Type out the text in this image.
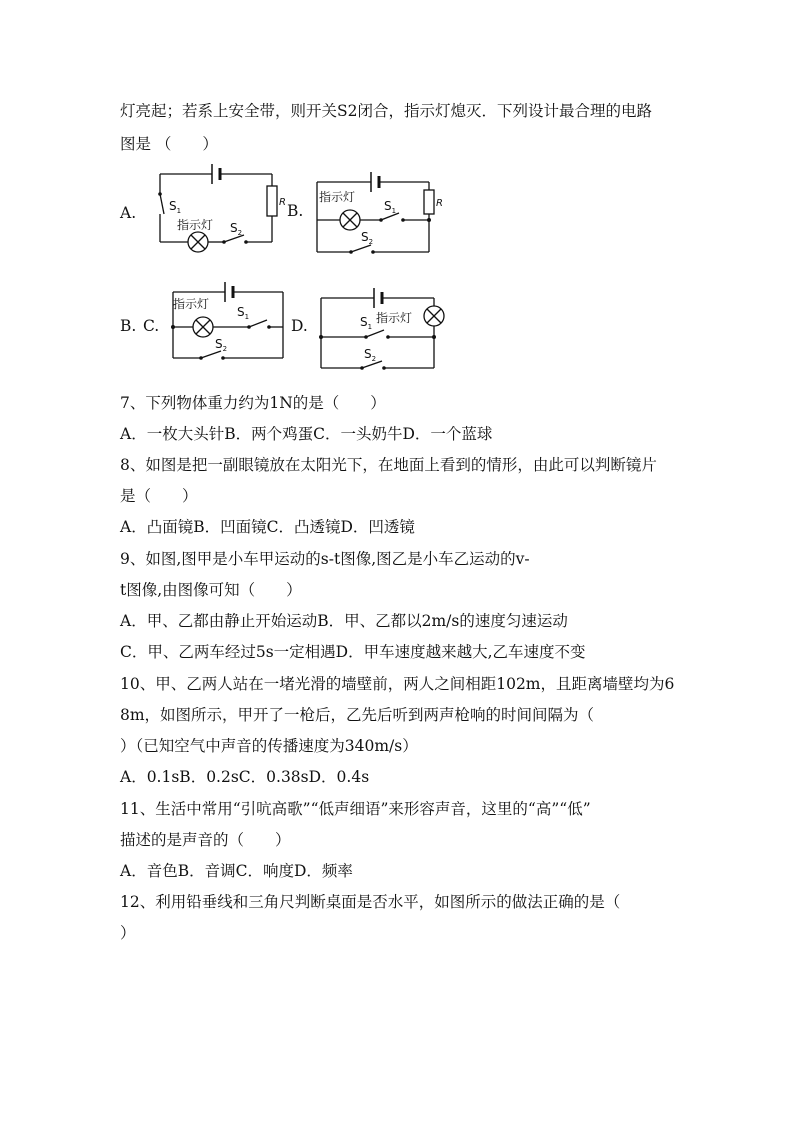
灯亮起；若系上安全带，则开关S2闭合，指示灯熄灭．下列设计最合理的电路
图是 （　　）
A.
R
$S_1$
$S_2$
指示灯
B.	R
指示灯
$S_1$
$S_2$
B. C.
指示灯
$S_1$
$S_2$
D.	$S_1$
指示灯
$S_2$
7、下列物体重力约为1N的是（　　）
A．一枚大头针B．两个鸡蛋C．一头奶牛D．一个蓝球
8、如图是把一副眼镜放在太阳光下，在地面上看到的情形，由此可以判断镜片
是（　　）
A．凸面镜B．凹面镜C．凸透镜D．凹透镜
9、如图,图甲是小车甲运动的s-t图像,图乙是小车乙运动的v-
t图像,由图像可知（　　）
A．甲、乙都由静止开始运动B．甲、乙都以2m/s的速度匀速运动
C．甲、乙两车经过5s一定相遇D．甲车速度越来越大,乙车速度不变
10、甲、乙两人站在一堵光滑的墙壁前，两人之间相距102m，且距离墙壁均为6
8m，如图所示，甲开了一枪后，乙先后听到两声枪响的时间间隔为（
）（已知空气中声音的传播速度为340m/s）
A．0.1sB．0.2sC．0.38sD．0.4s
11、生活中常用“引吭高歌”“低声细语”来形容声音，这里的“高”“低”
描述的是声音的（　　）
A．音色B．音调C．响度D．频率
12、利用铅垂线和三角尺判断桌面是否水平，如图所示的做法正确的是（
）
